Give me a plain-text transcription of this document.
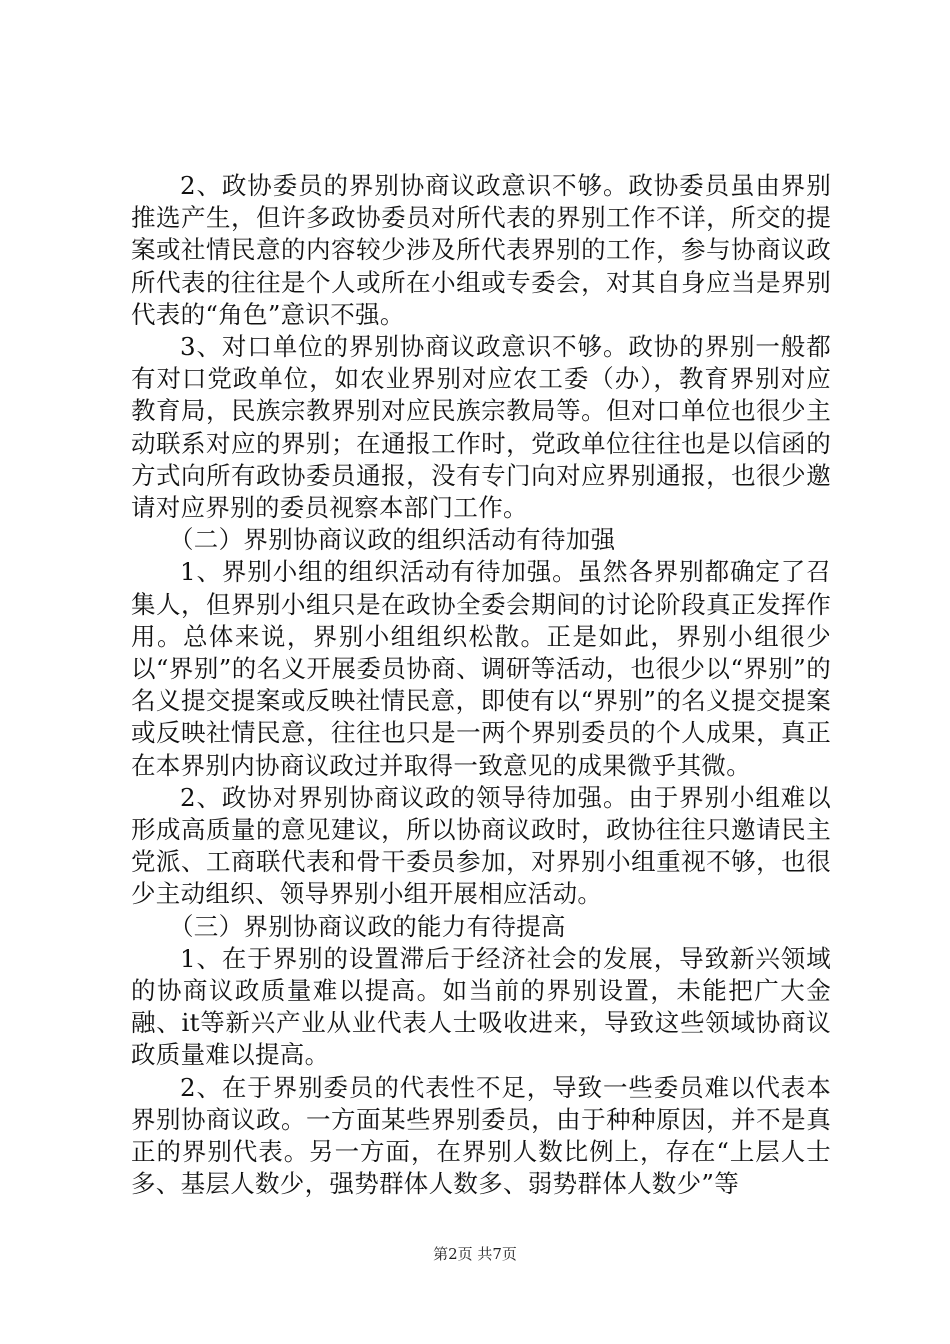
2、政协委员的界别协商议政意识不够。政协委员虽由界别推选产生，但许多政协委员对所代表的界别工作不详，所交的提案或社情民意的内容较少涉及所代表界别的工作，参与协商议政所代表的往往是个人或所在小组或专委会，对其自身应当是界别代表的“角色”意识不强。

3、对口单位的界别协商议政意识不够。政协的界别一般都有对口党政单位，如农业界别对应农工委（办），教育界别对应教育局，民族宗教界别对应民族宗教局等。但对口单位也很少主动联系对应的界别；在通报工作时，党政单位往往也是以信函的方式向所有政协委员通报，没有专门向对应界别通报，也很少邀请对应界别的委员视察本部门工作。

（二）界别协商议政的组织活动有待加强

1、界别小组的组织活动有待加强。虽然各界别都确定了召集人，但界别小组只是在政协全委会期间的讨论阶段真正发挥作用。总体来说，界别小组组织松散。正是如此，界别小组很少以“界别”的名义开展委员协商、调研等活动，也很少以“界别”的名义提交提案或反映社情民意，即使有以“界别”的名义提交提案或反映社情民意，往往也只是一两个界别委员的个人成果，真正在本界别内协商议政过并取得一致意见的成果微乎其微。

2、政协对界别协商议政的领导待加强。由于界别小组难以形成高质量的意见建议，所以协商议政时，政协往往只邀请民主党派、工商联代表和骨干委员参加，对界别小组重视不够，也很少主动组织、领导界别小组开展相应活动。

（三）界别协商议政的能力有待提高

1、在于界别的设置滞后于经济社会的发展，导致新兴领域的协商议政质量难以提高。如当前的界别设置，未能把广大金融、it等新兴产业从业代表人士吸收进来，导致这些领域协商议政质量难以提高。

2、在于界别委员的代表性不足，导致一些委员难以代表本界别协商议政。一方面某些界别委员，由于种种原因，并不是真正的界别代表。另一方面，在界别人数比例上，存在“上层人士多、基层人数少，强势群体人数多、弱势群体人数少”等

第2页 共7页
